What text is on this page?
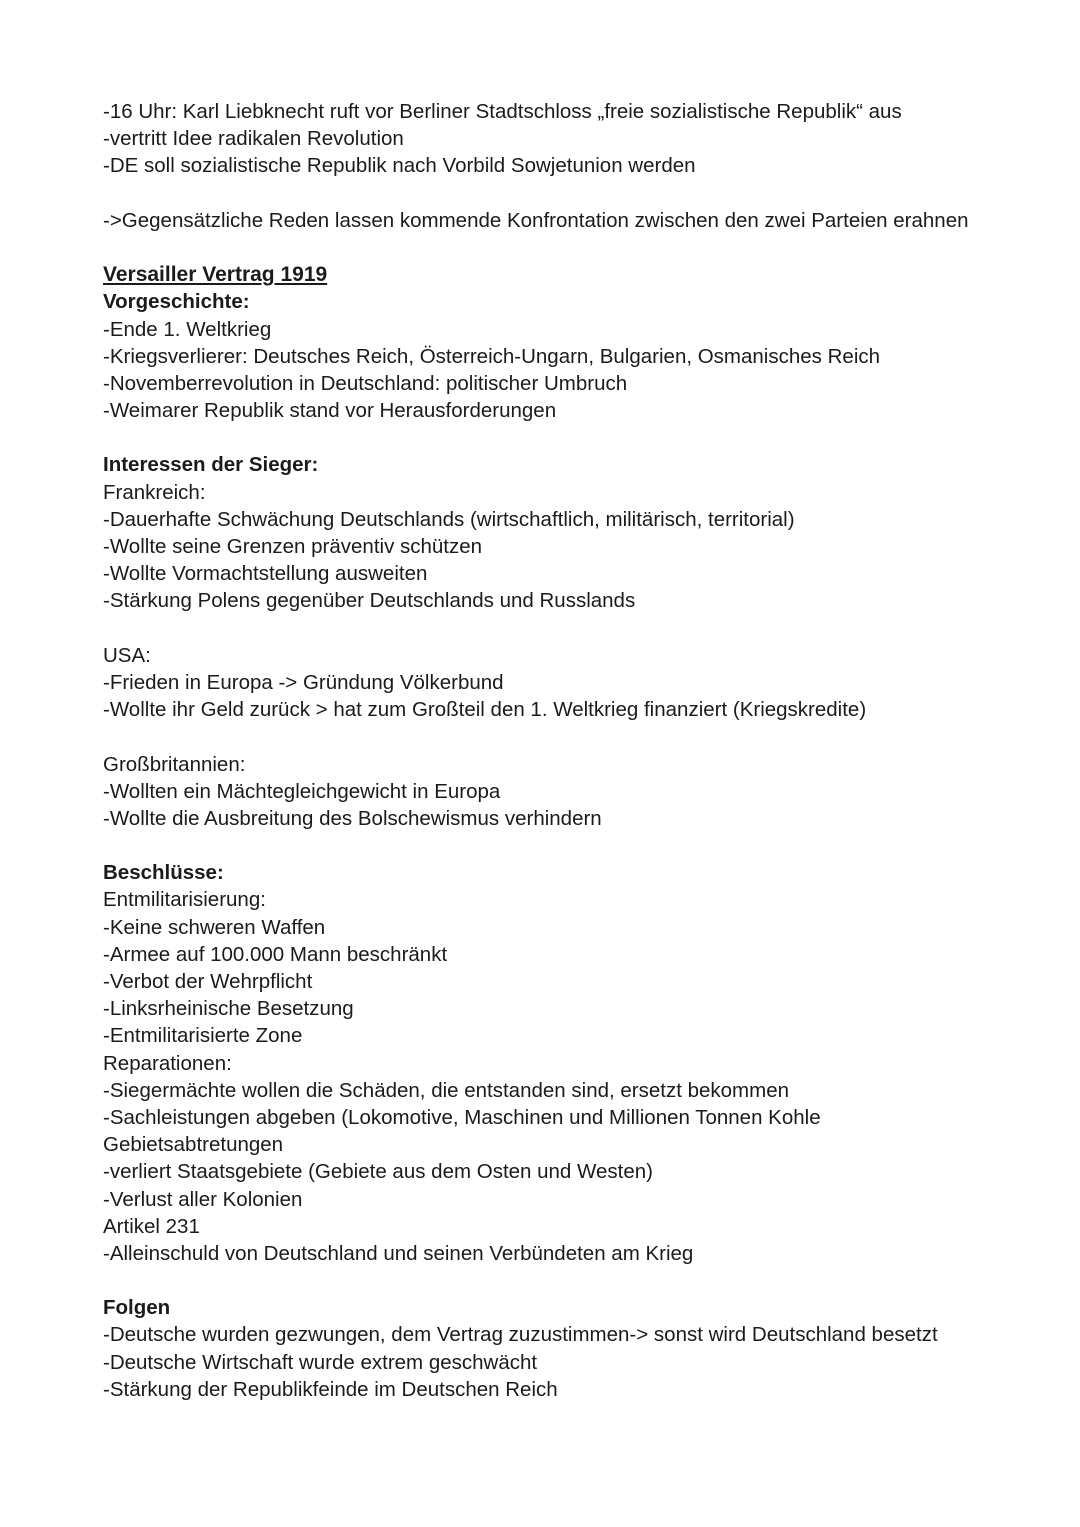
-16 Uhr: Karl Liebknecht ruft vor Berliner Stadtschloss „freie sozialistische Republik“ aus
-vertritt Idee radikalen Revolution
-DE soll sozialistische Republik nach Vorbild Sowjetunion werden
->Gegensätzliche Reden lassen kommende Konfrontation zwischen den zwei Parteien erahnen
Versailler Vertrag 1919
Vorgeschichte:
-Ende 1. Weltkrieg
-Kriegsverlierer: Deutsches Reich, Österreich-Ungarn, Bulgarien, Osmanisches Reich
-Novemberrevolution in Deutschland: politischer Umbruch
-Weimarer Republik stand vor Herausforderungen
Interessen der Sieger:
Frankreich:
-Dauerhafte Schwächung Deutschlands (wirtschaftlich, militärisch, territorial)
-Wollte seine Grenzen präventiv schützen
-Wollte Vormachtstellung ausweiten
-Stärkung Polens gegenüber Deutschlands und Russlands
USA:
-Frieden in Europa -> Gründung Völkerbund
-Wollte ihr Geld zurück > hat zum Großteil den 1. Weltkrieg finanziert (Kriegskredite)
Großbritannien:
-Wollten ein Mächtegleichgewicht in Europa
-Wollte die Ausbreitung des Bolschewismus verhindern
Beschlüsse:
Entmilitarisierung:
-Keine schweren Waffen
-Armee auf 100.000 Mann beschränkt
-Verbot der Wehrpflicht
-Linksrheinische Besetzung
-Entmilitarisierte Zone
Reparationen:
-Siegermächte wollen die Schäden, die entstanden sind, ersetzt bekommen
-Sachleistungen abgeben (Lokomotive, Maschinen und Millionen Tonnen Kohle
Gebietsabtretungen
-verliert Staatsgebiete (Gebiete aus dem Osten und Westen)
-Verlust aller Kolonien
Artikel 231
-Alleinschuld von Deutschland und seinen Verbündeten am Krieg
Folgen
-Deutsche wurden gezwungen, dem Vertrag zuzustimmen-> sonst wird Deutschland besetzt
-Deutsche Wirtschaft wurde extrem geschwächt
-Stärkung der Republikfeinde im Deutschen Reich
